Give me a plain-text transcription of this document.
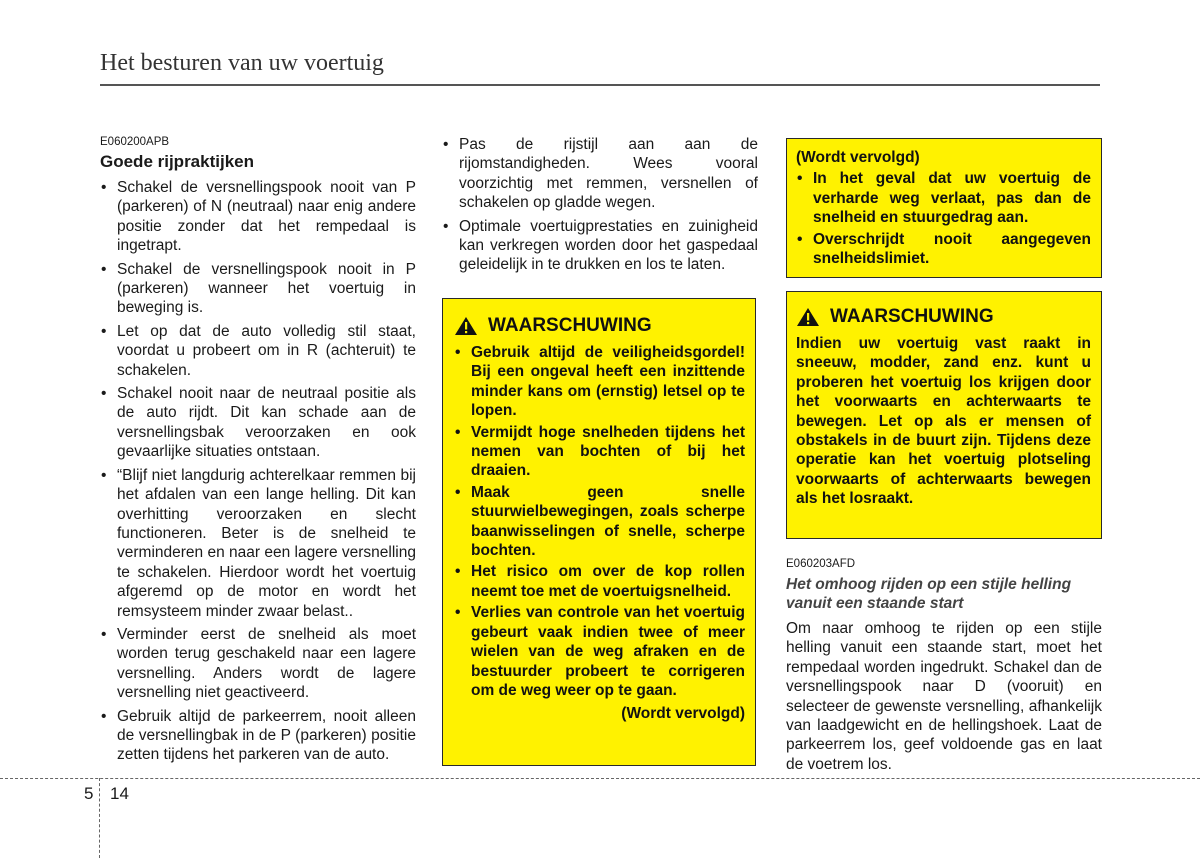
Het besturen van uw voertuig
E060200APB
Goede rijpraktijken
• Schakel de versnellingspook nooit van P (parkeren) of N (neutraal) naar enig andere positie zonder dat het rempedaal is ingetrapt.
• Schakel de versnellingspook nooit in P (parkeren) wanneer het voertuig in beweging is.
• Let op dat de auto volledig stil staat, voordat u probeert om in R (achteruit) te schakelen.
• Schakel nooit naar de neutraal positie als de auto rijdt. Dit kan schade aan de versnellingsbak veroorzaken en ook gevaarlijke situaties ontstaan.
• “Blijf niet langdurig achterelkaar remmen bij het afdalen van een lange helling. Dit kan overhitting veroorzaken en slecht functioneren. Beter is de snelheid te verminderen en naar een lagere versnelling te schakelen. Hierdoor wordt het voertuig afgeremd op de motor en wordt het remsysteem minder zwaar belast..
• Verminder eerst de snelheid als moet worden terug geschakeld naar een lagere versnelling. Anders wordt de lagere versnelling niet geactiveerd.
• Gebruik altijd de parkeerrem, nooit alleen de versnellingbak in de P (parkeren) positie zetten tijdens het parkeren van de auto.
• Pas de rijstijl aan aan de rijomstandigheden. Wees vooral voorzichtig met remmen, versnellen of schakelen op gladde wegen.
• Optimale voertuigprestaties en zuinigheid kan verkregen worden door het gaspedaal geleidelijk in te drukken en los te laten.
WAARSCHUWING
• Gebruik altijd de veiligheidsgordel! Bij een ongeval heeft een inzittende minder kans om (ernstig) letsel op te lopen.
• Vermijdt hoge snelheden tijdens het nemen van bochten of bij het draaien.
• Maak geen snelle stuurwielbewegingen, zoals scherpe baanwisselingen of snelle, scherpe bochten.
• Het risico om over de kop rollen neemt toe met de voertuigsnelheid.
• Verlies van controle van het voertuig gebeurt vaak indien twee of meer wielen van de weg afraken en de bestuurder probeert te corrigeren om de weg weer op te gaan.
(Wordt vervolgd)
(Wordt vervolgd)
• In het geval dat uw voertuig de verharde weg verlaat, pas dan de snelheid en stuurgedrag aan.
• Overschrijdt nooit aangegeven snelheidslimiet.
WAARSCHUWING

Indien uw voertuig vast raakt in sneeuw, modder, zand enz. kunt u proberen het voertuig los krijgen door het voorwaarts en achterwaarts te bewegen. Let op als er mensen of obstakels in de buurt zijn. Tijdens deze operatie kan het voertuig plotseling voorwaarts of achterwaarts bewegen als het losraakt.

E060203AFD
Het omhoog rijden op een stijle helling vanuit een staande start

Om naar omhoog te rijden op een stijle helling vanuit een staande start, moet het rempedaal worden ingedrukt. Schakel dan de versnellingspook naar D (vooruit) en selecteer de gewenste versnelling, afhankelijk van laadgewicht en de hellingshoek. Laat de parkeerrem los, geef voldoende gas en laat de voetrem los.

5 14
